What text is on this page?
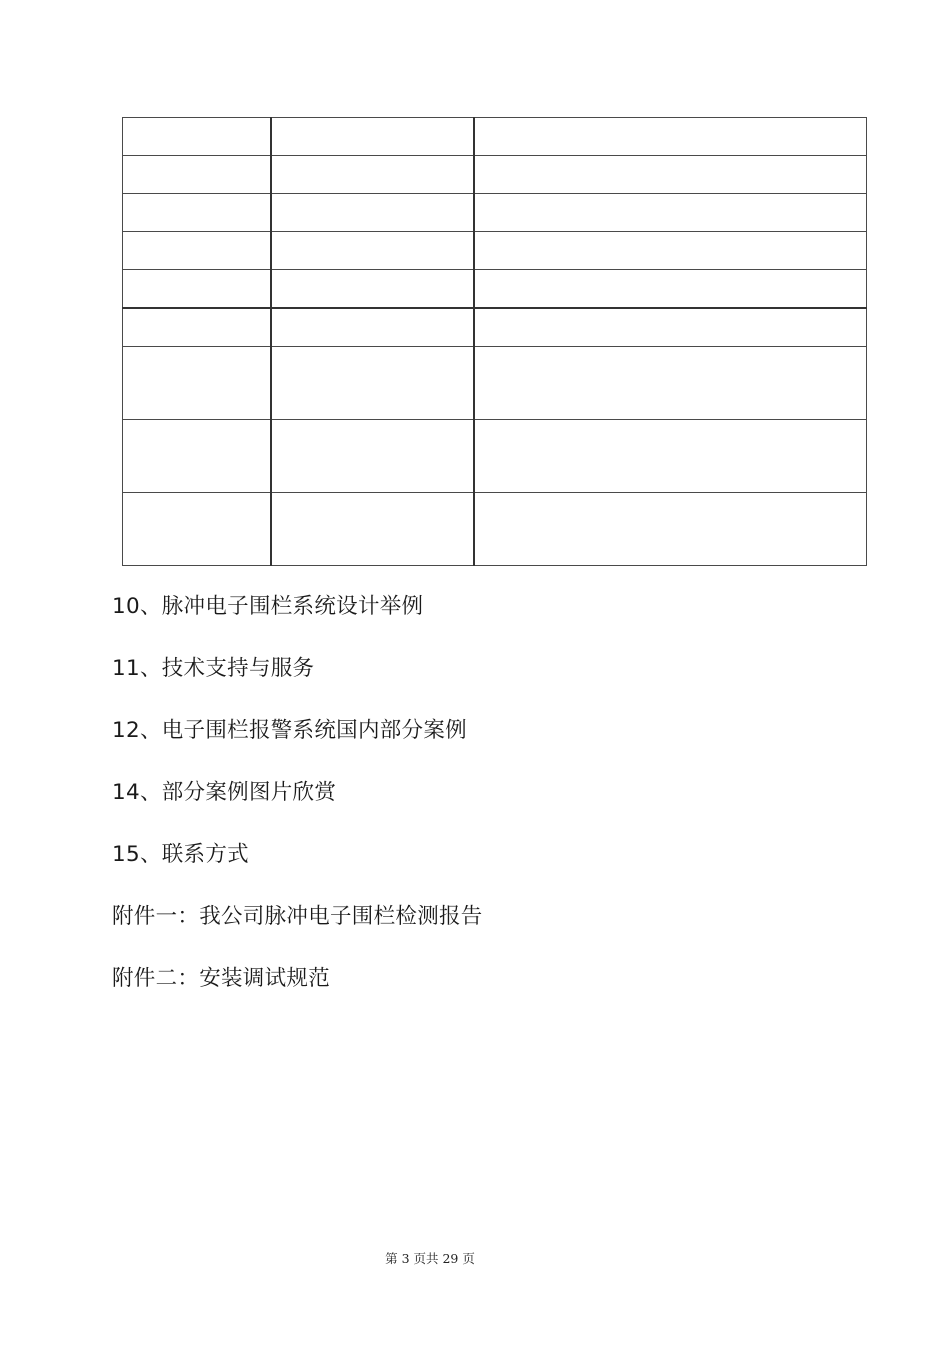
10、脉冲电子围栏系统设计举例
11、技术支持与服务
12、电子围栏报警系统国内部分案例
14、部分案例图片欣赏
15、联系方式
附件一：我公司脉冲电子围栏检测报告
附件二：安装调试规范
第 3 页共 29 页
